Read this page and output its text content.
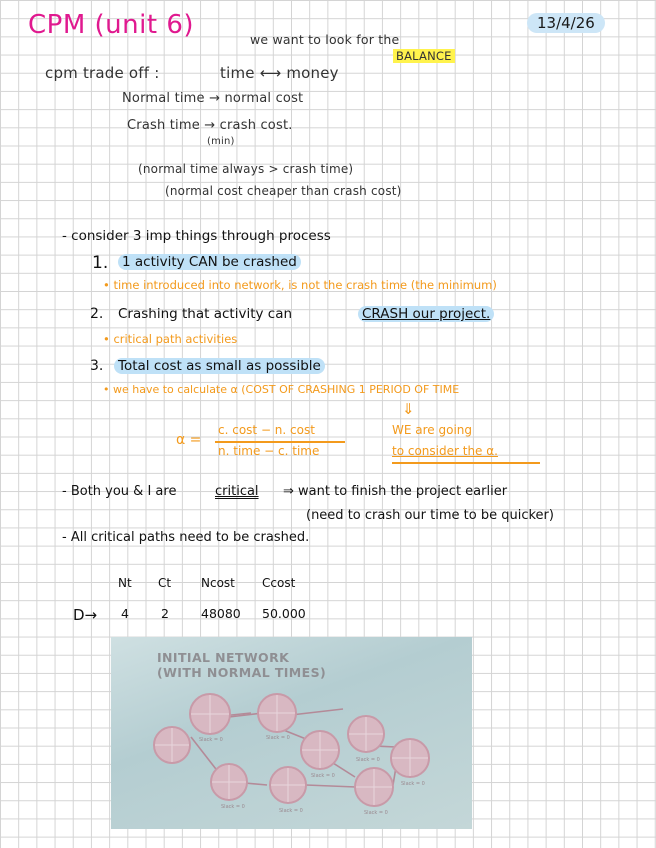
CPM (unit 6)	13/4/26
we want to look for the
BALANCE
cpm trade off :	time ⟷ money
Normal time → normal cost
Crash time → crash cost.
(min)
(normal time always > crash time)
(normal cost cheaper than crash cost)
- consider 3 imp things through process
1. 1 activity CAN be crashed
• time introduced into network, is not the crash time (the minimum)
2. Crashing that activity can	CRASH our project.
• critical path activities
3. Total cost as small as possible
• we have to calculate α (COST OF CRASHING 1 PERIOD OF TIME
⇓
α =
c. cost − n. cost
n. time − c. time
WE are going
to consider the α.
- Both you & I are	critical ⇒ want to finish the project earlier
(need to crash our time to be quicker)
- All critical paths need to be crashed.
Nt Ct Ncost Ccost
D→ 4	2	48080 50.000
Slack = 0	Slack = 0
Slack = 0
Slack = 0
Slack = 0
Slack = 0
Slack = 0	Slack = 0
INITIAL NETWORK
(WITH NORMAL TIMES)
